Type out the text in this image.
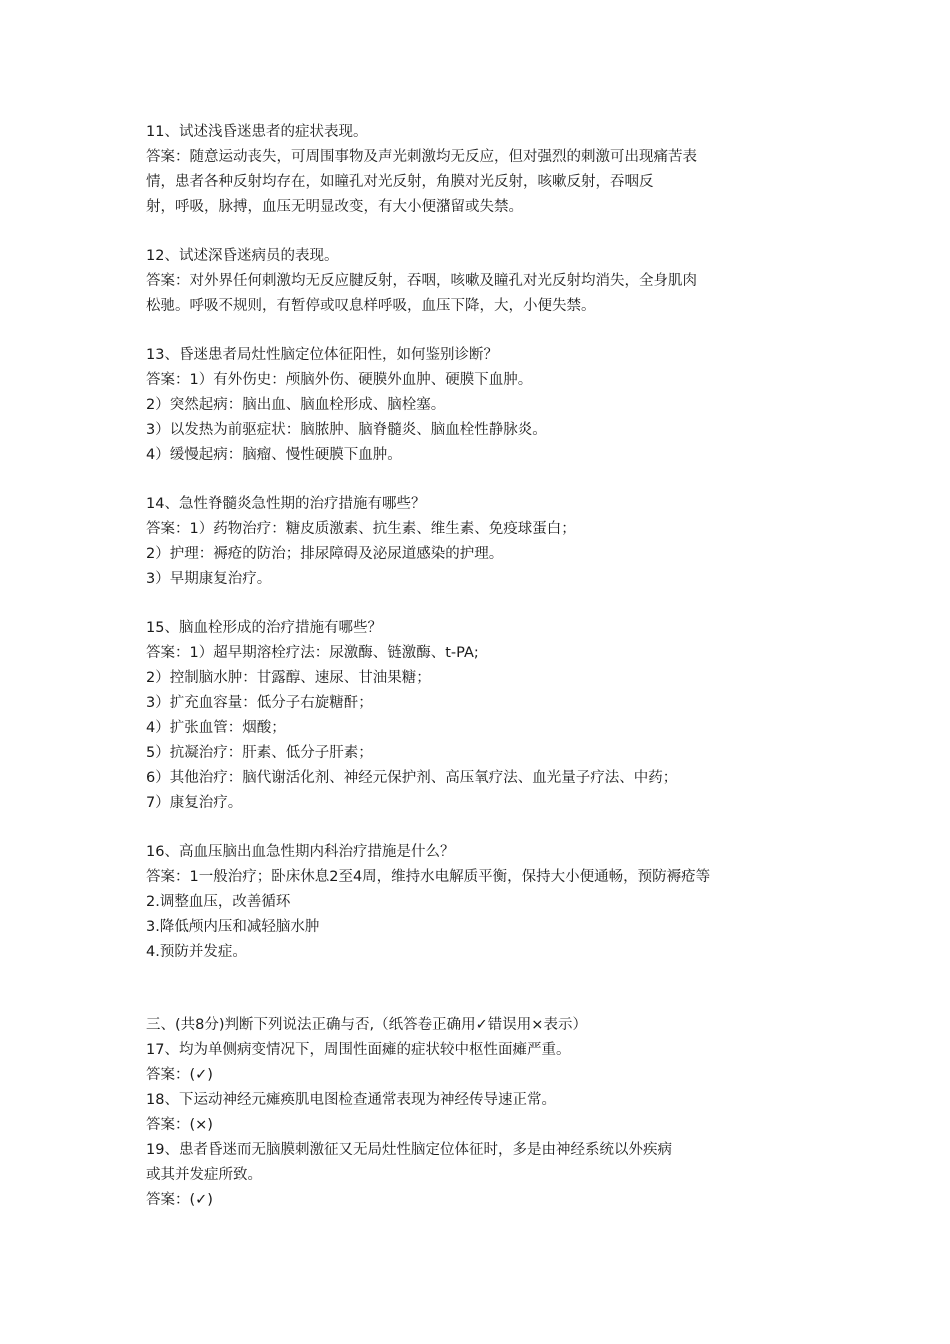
11、试述浅昏迷患者的症状表现。
答案：随意运动丧失，可周围事物及声光刺激均无反应，但对强烈的刺激可出现痛苦表
情，患者各种反射均存在，如瞳孔对光反射，角膜对光反射，咳嗽反射，吞咽反
射，呼吸，脉搏，血压无明显改变，有大小便潴留或失禁。
12、试述深昏迷病员的表现。
答案：对外界任何刺激均无反应腱反射，吞咽，咳嗽及瞳孔对光反射均消失，全身肌肉
松驰。呼吸不规则，有暂停或叹息样呼吸，血压下降，大，小便失禁。
13、昏迷患者局灶性脑定位体征阳性，如何鉴别诊断？
答案：1）有外伤史：颅脑外伤、硬膜外血肿、硬膜下血肿。
2）突然起病：脑出血、脑血栓形成、脑栓塞。
3）以发热为前驱症状：脑脓肿、脑脊髓炎、脑血栓性静脉炎。
4）缓慢起病：脑瘤、慢性硬膜下血肿。
14、急性脊髓炎急性期的治疗措施有哪些？
答案：1）药物治疗：糖皮质激素、抗生素、维生素、免疫球蛋白；
2）护理：褥疮的防治；排尿障碍及泌尿道感染的护理。
3）早期康复治疗。
15、脑血栓形成的治疗措施有哪些？
答案：1）超早期溶栓疗法：尿激酶、链激酶、t-PA;
2）控制脑水肿：甘露醇、速尿、甘油果糖；
3）扩充血容量：低分子右旋糖酐；
4）扩张血管：烟酸；
5）抗凝治疗：肝素、低分子肝素；
6）其他治疗：脑代谢活化剂、神经元保护剂、高压氧疗法、血光量子疗法、中药；
7）康复治疗。
16、高血压脑出血急性期内科治疗措施是什么？
答案：1一般治疗；卧床休息2至4周，维持水电解质平衡，保持大小便通畅，预防褥疮等
2.调整血压，改善循环
3.降低颅内压和减轻脑水肿
4.预防并发症。
三、(共8分)判断下列说法正确与否,（纸答卷正确用✓错误用×表示）
17、均为单侧病变情况下，周围性面瘫的症状较中枢性面瘫严重。
答案：(✓)
18、下运动神经元瘫痪肌电图检查通常表现为神经传导速正常。
答案：(×)
19、患者昏迷而无脑膜刺激征又无局灶性脑定位体征时，多是由神经系统以外疾病
或其并发症所致。
答案：(✓)
